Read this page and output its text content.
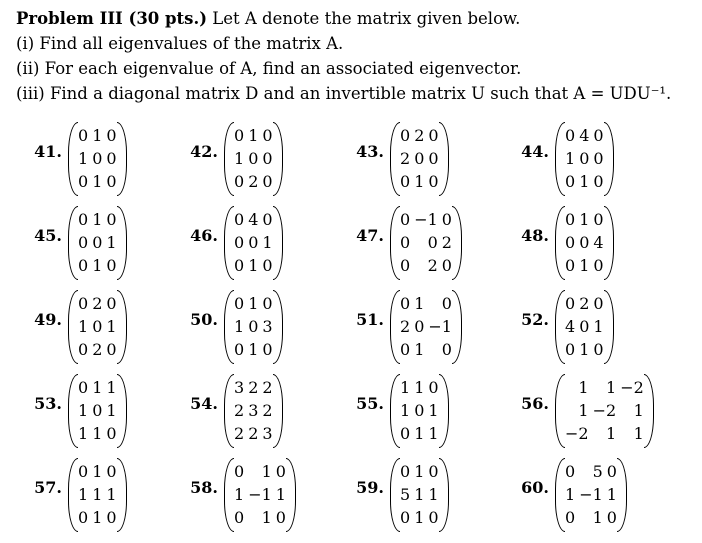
Problem III (30 pts.) Let A denote the matrix given below.
(i) Find all eigenvalues of the matrix A.
(ii) For each eigenvalue of A, find an associated eigenvector.
(iii) Find a diagonal matrix D and an invertible matrix U such that A = UDU⁻¹.
41.
0	1	0
1	0	0
0	1	0
42.
0	1	0
1	0	0
0	2	0
43.
0	2	0
2	0	0
0	1	0
44.
0	4	0
1	0	0
0	1	0
45.
0	1	0
0	0	1
0	1	0
46.
0	4	0
0	0	1
0	1	0
47.
0	−1	0
0	0	2
0	2	0
48.
0	1	0
0	0	4
0	1	0
49.
0	2	0
1	0	1
0	2	0
50.
0	1	0
1	0	3
0	1	0
51.
0	1	0
2	0	−1
0	1	0
52.
0	2	0
4	0	1
0	1	0
53.
0	1	1
1	0	1
1	1	0
54.
3	2	2
2	3	2
2	2	3
55.
1	1	0
1	0	1
0	1	1
56.
1	1	−2
1	−2	1
−2	1	1
57.
0	1	0
1	1	1
0	1	0
58.
0	1	0
1	−1	1
0	1	0
59.
0	1	0
5	1	1
0	1	0
60.
0	5	0
1	−1	1
0	1	0
